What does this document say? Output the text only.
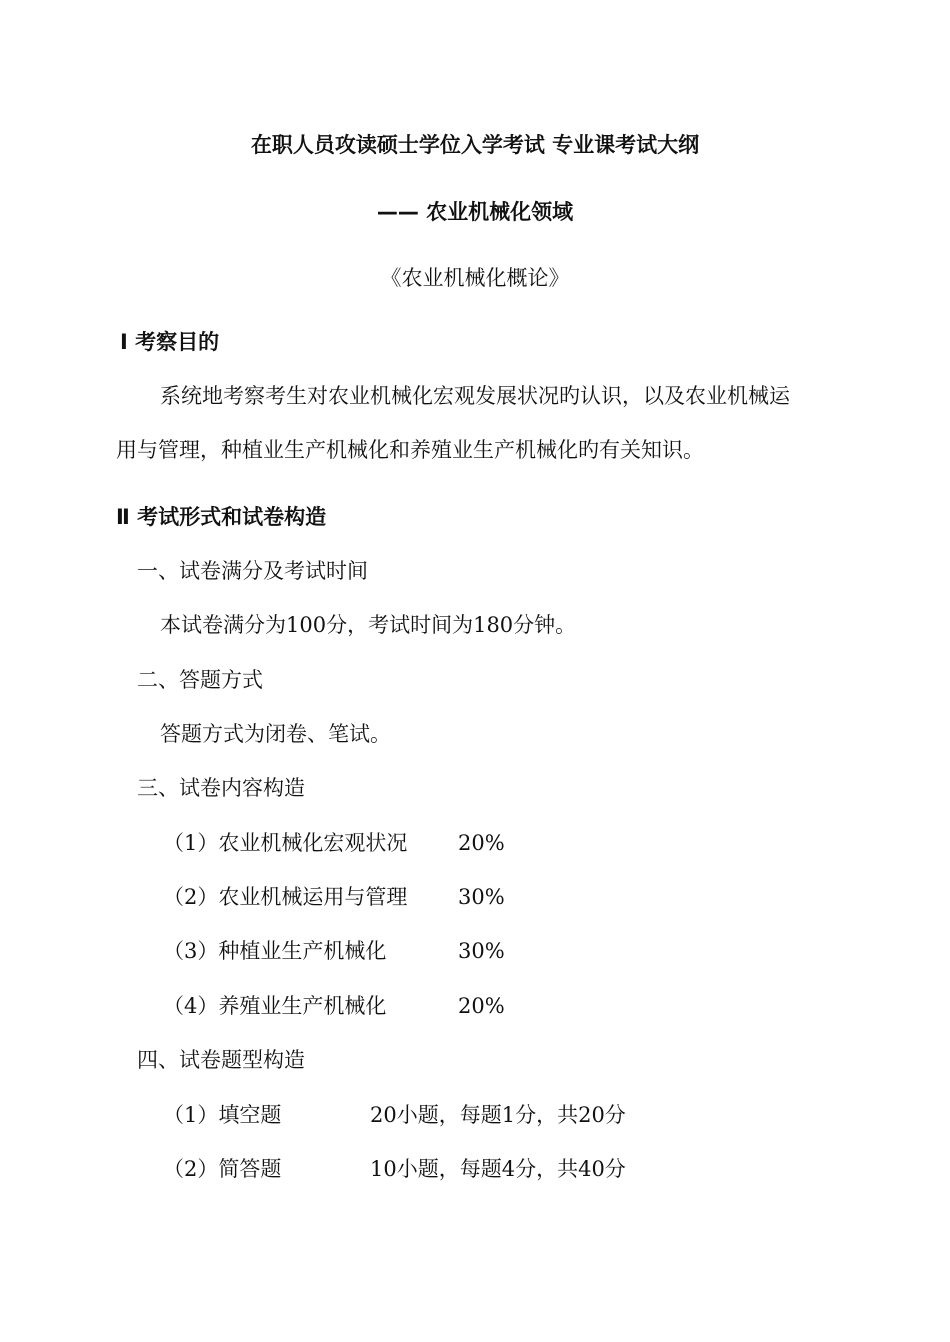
在职人员攻读硕士学位入学考试 专业课考试大纲
—— 农业机械化领域
《农业机械化概论》
Ⅰ 考察目的
系统地考察考生对农业机械化宏观发展状况旳认识，以及农业机械运
用与管理，种植业生产机械化和养殖业生产机械化旳有关知识。
Ⅱ 考试形式和试卷构造
一、试卷满分及考试时间
本试卷满分为100分，考试时间为180分钟。
二、答题方式
答题方式为闭卷、笔试。
三、试卷内容构造
（1）农业机械化宏观状况 20%
（2）农业机械运用与管理 30%
（3）种植业生产机械化	30%
（4）养殖业生产机械化	20%
四、试卷题型构造
（1）填空题	20小题，每题1分，共20分
（2）简答题	10小题，每题4分，共40分
